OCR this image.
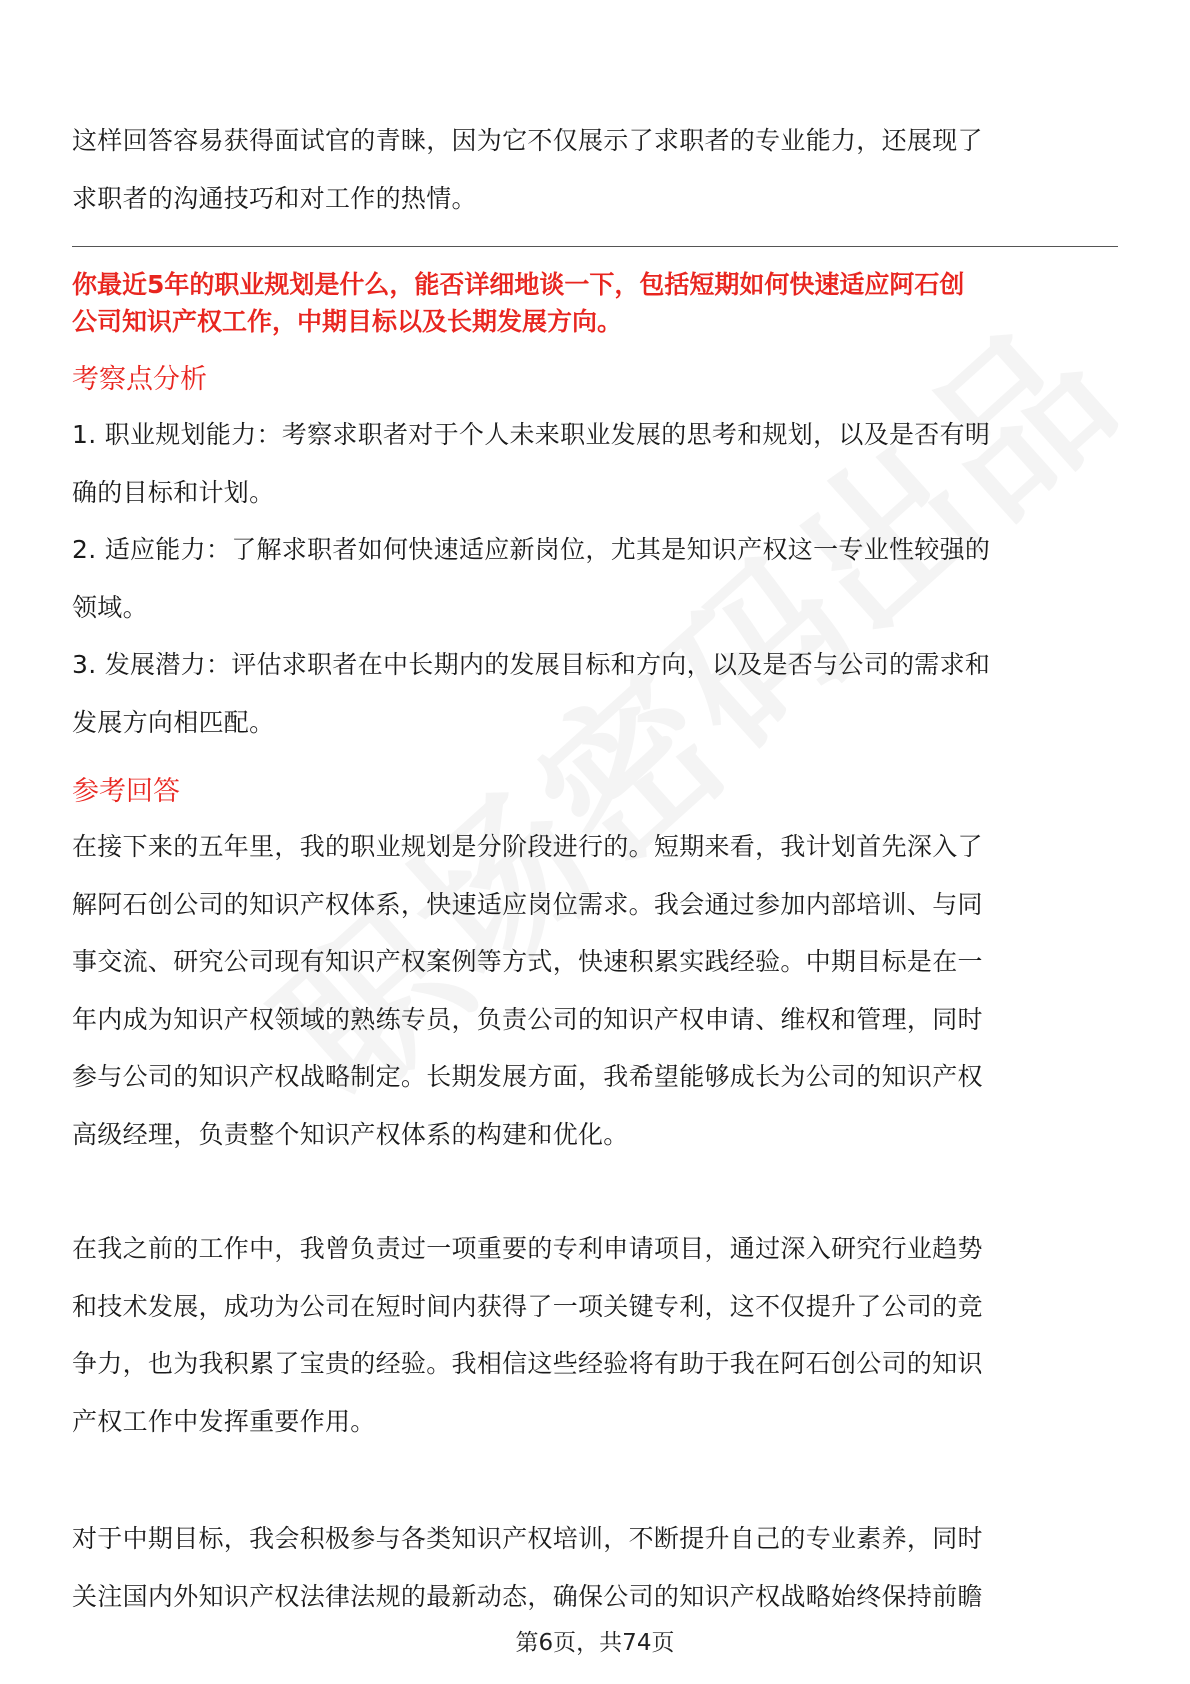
这样回答容易获得面试官的青睐，因为它不仅展示了求职者的专业能力，还展现了

求职者的沟通技巧和对工作的热情。

你最近5年的职业规划是什么，能否详细地谈一下，包括短期如何快速适应阿石创
公司知识产权工作，中期目标以及长期发展方向。
考察点分析

1. 职业规划能力：考察求职者对于个人未来职业发展的思考和规划，以及是否有明

确的目标和计划。

2. 适应能力：了解求职者如何快速适应新岗位，尤其是知识产权这一专业性较强的

领域。

3. 发展潜力：评估求职者在中长期内的发展目标和方向，以及是否与公司的需求和

发展方向相匹配。

参考回答

在接下来的五年里，我的职业规划是分阶段进行的。短期来看，我计划首先深入了

解阿石创公司的知识产权体系，快速适应岗位需求。我会通过参加内部培训、与同

事交流、研究公司现有知识产权案例等方式，快速积累实践经验。中期目标是在一

年内成为知识产权领域的熟练专员，负责公司的知识产权申请、维权和管理，同时

参与公司的知识产权战略制定。长期发展方面，我希望能够成长为公司的知识产权

高级经理，负责整个知识产权体系的构建和优化。

在我之前的工作中，我曾负责过一项重要的专利申请项目，通过深入研究行业趋势

和技术发展，成功为公司在短时间内获得了一项关键专利，这不仅提升了公司的竞

争力，也为我积累了宝贵的经验。我相信这些经验将有助于我在阿石创公司的知识

产权工作中发挥重要作用。

对于中期目标，我会积极参与各类知识产权培训，不断提升自己的专业素养，同时

关注国内外知识产权法律法规的最新动态，确保公司的知识产权战略始终保持前瞻

第6页，共74页
